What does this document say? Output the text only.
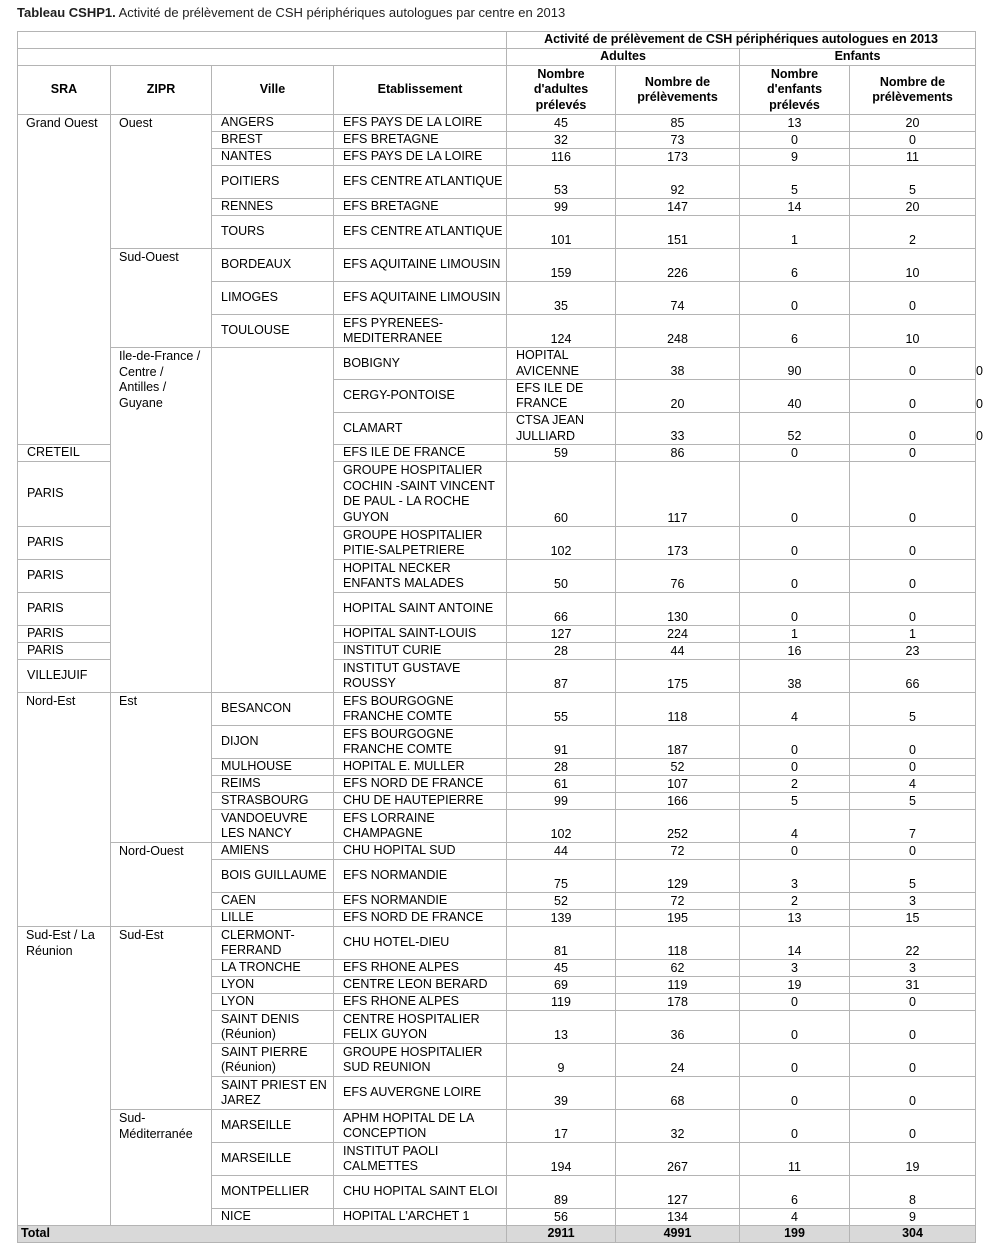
Tableau CSHP1. Activité de prélèvement de CSH périphériques autologues par centre en 2013
				Activité de prélèvement de CSH périphériques autologues en 2013				
				Adultes		Enfants		
SRA	ZIPR	Ville	Etablissement	Nombre d'adultes prélevés	Nombre de prélèvements	Nombre d'enfants prélevés	Nombre de prélèvements	
Grand Ouest	Ouest	ANGERS	EFS PAYS DE LA LOIRE	45	85	13	20	
		BREST	EFS BRETAGNE	32	73	0	0	
		NANTES	EFS PAYS DE LA LOIRE	116	173	9	11	
		POITIERS	EFS CENTRE ATLANTIQUE	53	92	5	5	
		RENNES	EFS BRETAGNE	99	147	14	20	
		TOURS	EFS CENTRE ATLANTIQUE	101	151	1	2	
	Sud-Ouest	BORDEAUX	EFS AQUITAINE LIMOUSIN	159	226	6	10	
		LIMOGES	EFS AQUITAINE LIMOUSIN	35	74	0	0	
		TOULOUSE	EFS PYRENEES-MEDITERRANEE	124	248	6	10	
	Ile-de-France / Centre / Antilles / Guyane		BOBIGNY	HOPITAL AVICENNE	38	90	0	0
			CERGY-PONTOISE	EFS ILE DE FRANCE	20	40	0	0
			CLAMART	CTSA JEAN JULLIARD	33	52	0	0
CRETEIL			EFS ILE DE FRANCE	59	86	0	0	
PARIS			GROUPE HOSPITALIER COCHIN -SAINT VINCENT DE PAUL - LA ROCHE GUYON	60	117	0	0	
PARIS			GROUPE HOSPITALIER PITIE-SALPETRIERE	102	173	0	0	
PARIS			HOPITAL NECKER ENFANTS MALADES	50	76	0	0	
PARIS			HOPITAL SAINT ANTOINE	66	130	0	0	
PARIS			HOPITAL SAINT-LOUIS	127	224	1	1	
PARIS			INSTITUT CURIE	28	44	16	23	
VILLEJUIF			INSTITUT GUSTAVE ROUSSY	87	175	38	66	
Nord-Est	Est	BESANCON	EFS BOURGOGNE FRANCHE COMTE	55	118	4	5	
		DIJON	EFS BOURGOGNE FRANCHE COMTE	91	187	0	0	
		MULHOUSE	HOPITAL E. MULLER	28	52	0	0	
		REIMS	EFS NORD DE FRANCE	61	107	2	4	
		STRASBOURG	CHU DE HAUTEPIERRE	99	166	5	5	
		VANDOEUVRE LES NANCY	EFS LORRAINE CHAMPAGNE	102	252	4	7	
	Nord-Ouest	AMIENS	CHU HOPITAL SUD	44	72	0	0	
		BOIS GUILLAUME	EFS NORMANDIE	75	129	3	5	
		CAEN	EFS NORMANDIE	52	72	2	3	
		LILLE	EFS NORD DE FRANCE	139	195	13	15	
Sud-Est / La Réunion	Sud-Est	CLERMONT-FERRAND	CHU HOTEL-DIEU	81	118	14	22	
		LA TRONCHE	EFS RHONE ALPES	45	62	3	3	
		LYON	CENTRE LEON BERARD	69	119	19	31	
		LYON	EFS RHONE ALPES	119	178	0	0	
		SAINT DENIS (Réunion)	CENTRE HOSPITALIER FELIX GUYON	13	36	0	0	
		SAINT PIERRE (Réunion)	GROUPE HOSPITALIER SUD REUNION	9	24	0	0	
		SAINT PRIEST EN JAREZ	EFS AUVERGNE LOIRE	39	68	0	0	
	Sud-Méditerranée	MARSEILLE	APHM HOPITAL DE LA CONCEPTION	17	32	0	0	
		MARSEILLE	INSTITUT PAOLI CALMETTES	194	267	11	19	
		MONTPELLIER	CHU HOPITAL SAINT ELOI	89	127	6	8	
		NICE	HOPITAL L'ARCHET 1	56	134	4	9	
Total				2911	4991	199	304	
